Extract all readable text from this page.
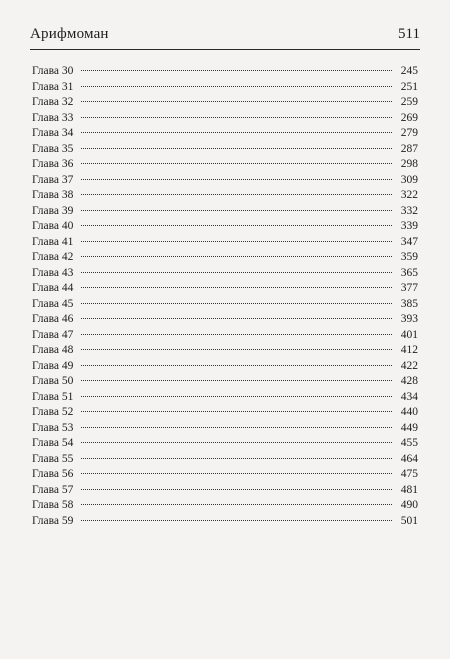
Арифмоман	511
Глава 30	245
Глава 31	251
Глава 32	259
Глава 33	269
Глава 34	279
Глава 35	287
Глава 36	298
Глава 37	309
Глава 38	322
Глава 39	332
Глава 40	339
Глава 41	347
Глава 42	359
Глава 43	365
Глава 44	377
Глава 45	385
Глава 46	393
Глава 47	401
Глава 48	412
Глава 49	422
Глава 50	428
Глава 51	434
Глава 52	440
Глава 53	449
Глава 54	455
Глава 55	464
Глава 56	475
Глава 57	481
Глава 58	490
Глава 59	501
